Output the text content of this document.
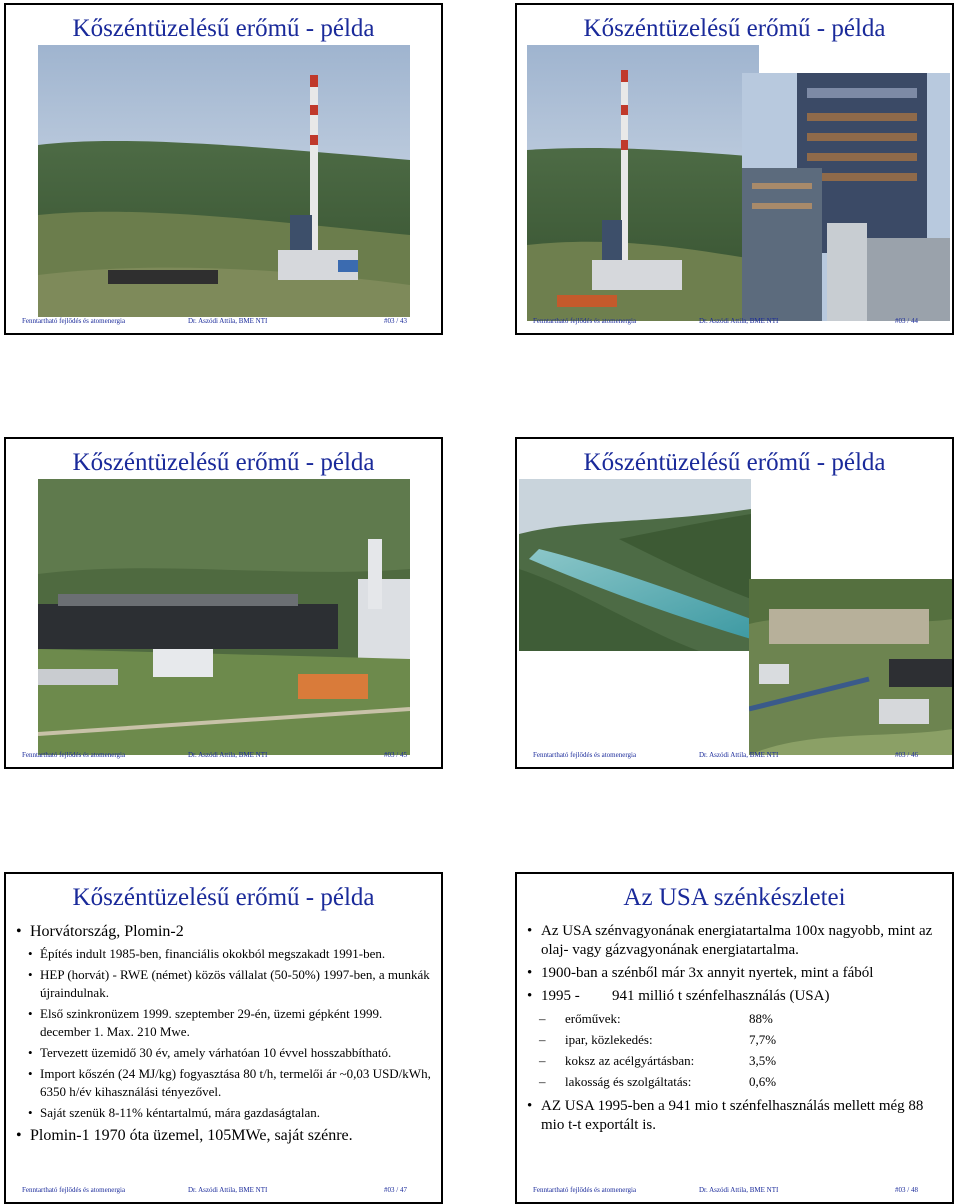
Kőszéntüzelésű erőmű - példa
Fenntartható fejlődés és atomenergia	Dr. Aszódi Attila, BME NTI	#03 / 43
Kőszéntüzelésű erőmű - példa
Fenntartható fejlődés és atomenergia	Dr. Aszódi Attila, BME NTI	#03 / 44
Kőszéntüzelésű erőmű - példa
Fenntartható fejlődés és atomenergia	Dr. Aszódi Attila, BME NTI	#03 / 45
Kőszéntüzelésű erőmű - példa
Fenntartható fejlődés és atomenergia	Dr. Aszódi Attila, BME NTI	#03 / 46
Kőszéntüzelésű erőmű - példa
• Horvátország, Plomin-2
• Építés indult 1985-ben, financiális okokból megszakadt 1991-ben.
• HEP (horvát) - RWE (német) közös vállalat (50-50%) 1997-ben, a munkák újraindulnak.
• Első szinkronüzem 1999. szeptember 29-én, üzemi gépként 1999. december 1. Max. 210 Mwe.
• Tervezett üzemidő 30 év, amely várhatóan 10 évvel hosszabbítható.
• Import kőszén (24 MJ/kg) fogyasztása 80 t/h, termelői ár ~0,03 USD/kWh, 6350 h/év kihasználási tényezővel.
• Saját szenük 8-11% kéntartalmú, mára gazdaságtalan.
• Plomin-1 1970 óta üzemel, 105MWe, saját szénre.
Fenntartható fejlődés és atomenergia	Dr. Aszódi Attila, BME NTI	#03 / 47
Az USA szénkészletei
• Az USA szénvagyonának energiatartalma 100x nagyobb, mint az olaj- vagy gázvagyonának energiatartalma.
• 1900-ban a szénből már 3x annyit nyertek, mint a fából
• 1995 - 941 millió t szénfelhasználás (USA)
– erőművek:	88%
– ipar, közlekedés:	7,7%
– koksz az acélgyártásban:	3,5%
– lakosság és szolgáltatás:	0,6%
• AZ USA 1995-ben a 941 mio t szénfelhasználás mellett még 88 mio t-t exportált is.
Fenntartható fejlődés és atomenergia	Dr. Aszódi Attila, BME NTI	#03 / 48
